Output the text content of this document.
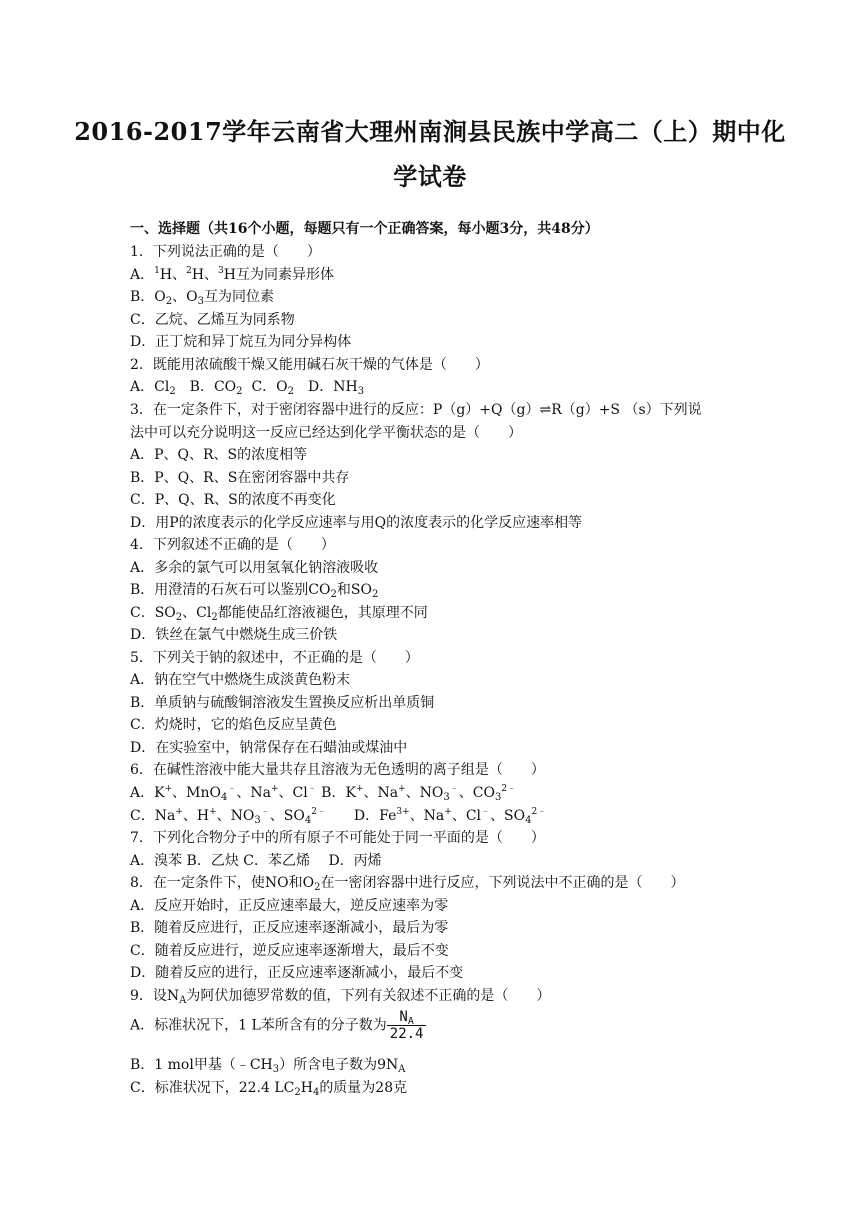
2016-2017学年云南省大理州南涧县民族中学高二（上）期中化
学试卷
一、选择题（共16个小题，每题只有一个正确答案，每小题3分，共48分）
1．下列说法正确的是（　　）
A．$^1$H、$^2$H、$^3$H互为同素异形体
B．$O_2$、$O_3$互为同位素
C．乙烷、乙烯互为同系物
D．正丁烷和异丁烷互为同分异构体
2．既能用浓硫酸干燥又能用碱石灰干燥的气体是（　　）
A．$Cl_2$　B．$CO_2$  C．$O_2$　D．$NH_3$
3．在一定条件下，对于密闭容器中进行的反应：P（g）+Q（g）⇌R（g）+S （s）下列说
法中可以充分说明这一反应已经达到化学平衡状态的是（　　）
A．P、Q、R、S的浓度相等
B．P、Q、R、S在密闭容器中共存
C．P、Q、R、S的浓度不再变化
D．用P的浓度表示的化学反应速率与用Q的浓度表示的化学反应速率相等
4．下列叙述不正确的是（　　）
A．多余的氯气可以用氢氧化钠溶液吸收
B．用澄清的石灰石可以鉴别$CO_2$和$SO_2$
C．$SO_2$、$Cl_2$都能使品红溶液褪色，其原理不同
D．铁丝在氯气中燃烧生成三价铁
5．下列关于钠的叙述中，不正确的是（　　）
A．钠在空气中燃烧生成淡黄色粉末
B．单质钠与硫酸铜溶液发生置换反应析出单质铜
C．灼烧时，它的焰色反应呈黄色
D．在实验室中，钠常保存在石蜡油或煤油中
6．在碱性溶液中能大量共存且溶液为无色透明的离子组是（　　）
A．K+、MnO$_4$﹣、Na+、Cl﹣ B．K+、Na+、$NO_3^﹣$、$CO_3^{2﹣}$
C．Na+、H+、$NO_3^﹣$、$SO_4^{2﹣}$　　D．$Fe^{3+}$、Na+、Cl﹣、$SO_4^{2﹣}$
7．下列化合物分子中的所有原子不可能处于同一平面的是（　　）
A．溴苯 B．乙炔 C．苯乙烯　 D．丙烯
8．在一定条件下，使NO和$O_2$在一密闭容器中进行反应，下列说法中不正确的是（　　）
A．反应开始时，正反应速率最大，逆反应速率为零
B．随着反应进行，正反应速率逐渐减小，最后为零
C．随着反应进行，逆反应速率逐渐增大，最后不变
D．随着反应的进行，正反应速率逐渐减小，最后不变
9．设$N_A$为阿伏加德罗常数的值，下列有关叙述不正确的是（　　）
A．标准状况下，1 L苯所含有的分子数为 $\frac{N_A}{22.4}$
B．1 mol甲基$(﹣CH_3)$所含电子数为$9N_A$
C．标准状况下，22.4 $LC_2H_4$的质量为28克
